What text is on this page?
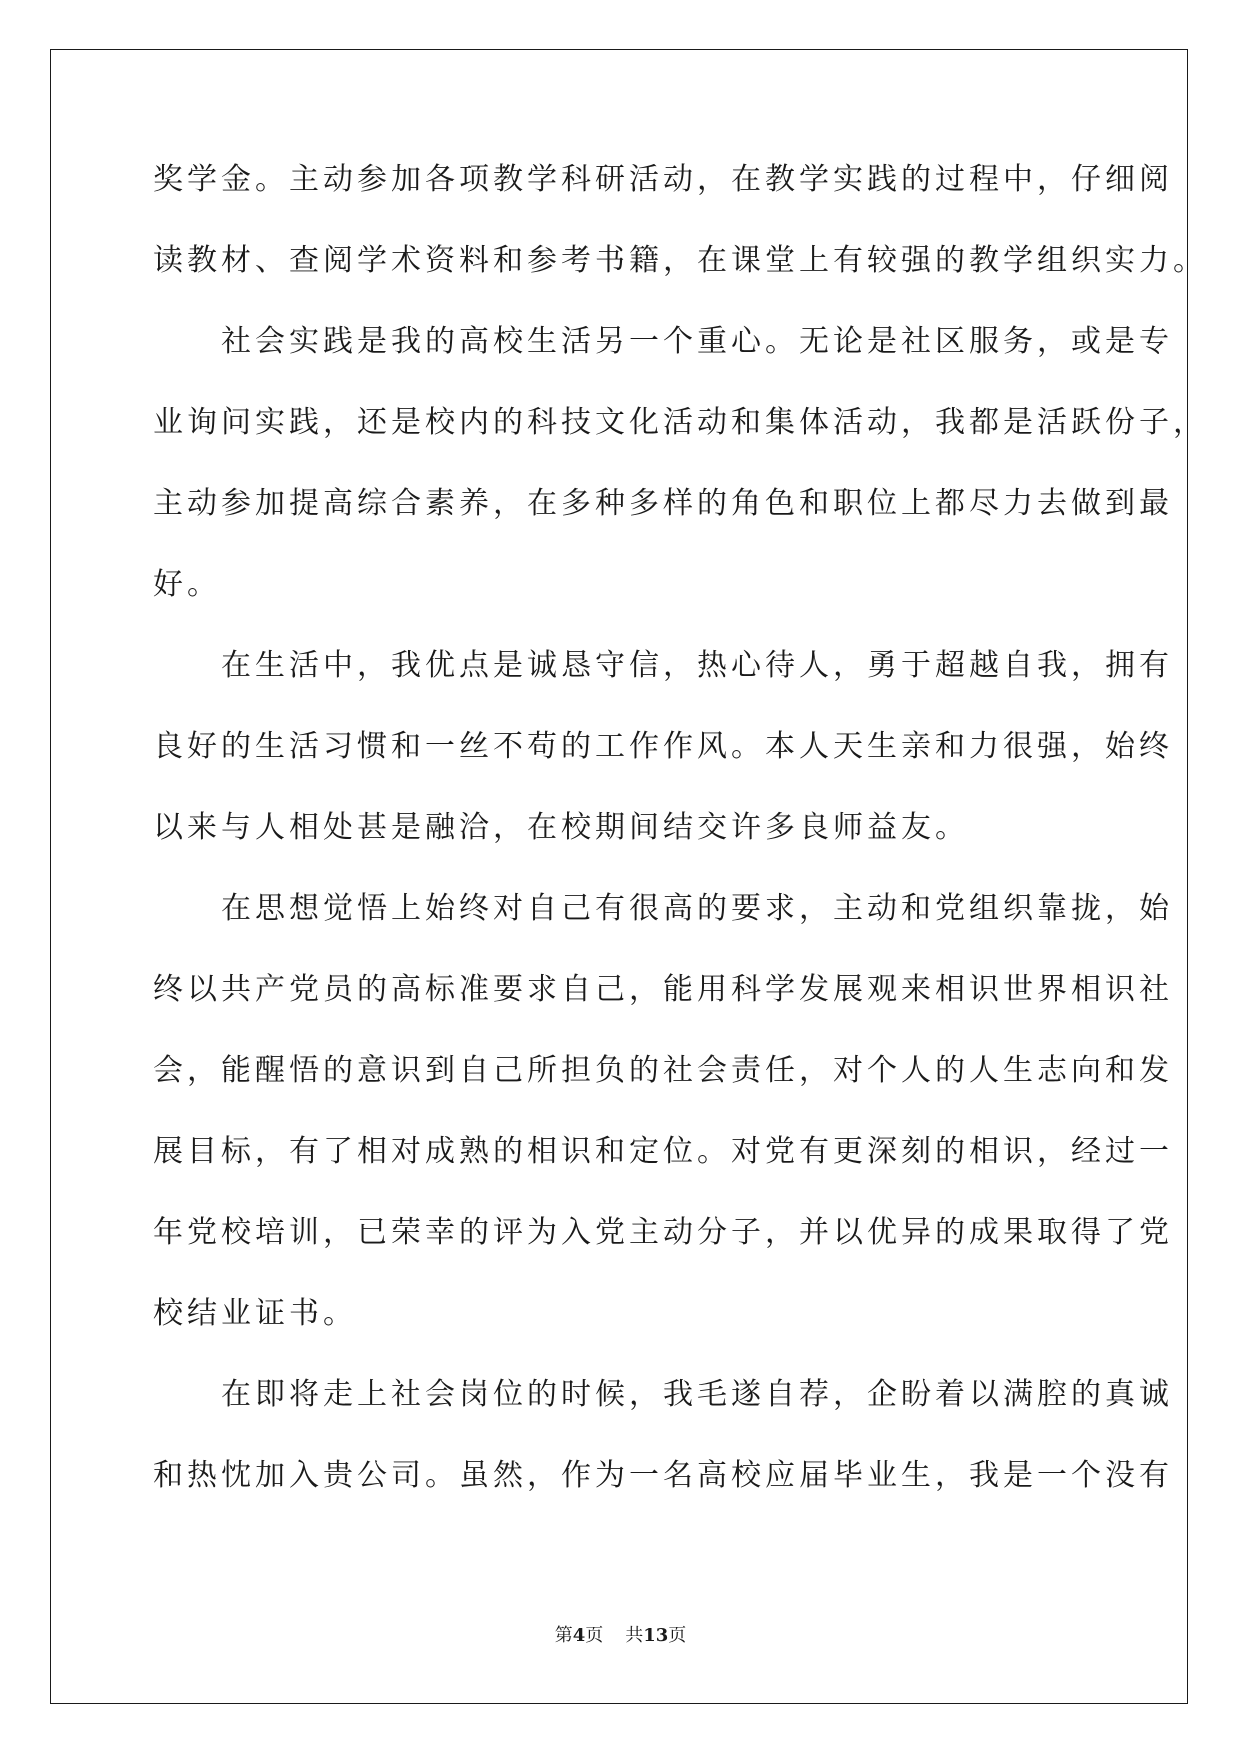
奖学金。主动参加各项教学科研活动，在教学实践的过程中，仔细阅
读教材、查阅学术资料和参考书籍，在课堂上有较强的教学组织实力。
　　社会实践是我的高校生活另一个重心。无论是社区服务，或是专
业询问实践，还是校内的科技文化活动和集体活动，我都是活跃份子，
主动参加提高综合素养，在多种多样的角色和职位上都尽力去做到最
好。
　　在生活中，我优点是诚恳守信，热心待人，勇于超越自我，拥有
良好的生活习惯和一丝不苟的工作作风。本人天生亲和力很强，始终
以来与人相处甚是融洽，在校期间结交许多良师益友。
　　在思想觉悟上始终对自己有很高的要求，主动和党组织靠拢，始
终以共产党员的高标准要求自己，能用科学发展观来相识世界相识社
会，能醒悟的意识到自己所担负的社会责任，对个人的人生志向和发
展目标，有了相对成熟的相识和定位。对党有更深刻的相识，经过一
年党校培训，已荣幸的评为入党主动分子，并以优异的成果取得了党
校结业证书。
　　在即将走上社会岗位的时候，我毛遂自荐，企盼着以满腔的真诚
和热忱加入贵公司。虽然，作为一名高校应届毕业生，我是一个没有
第4页 共13页
